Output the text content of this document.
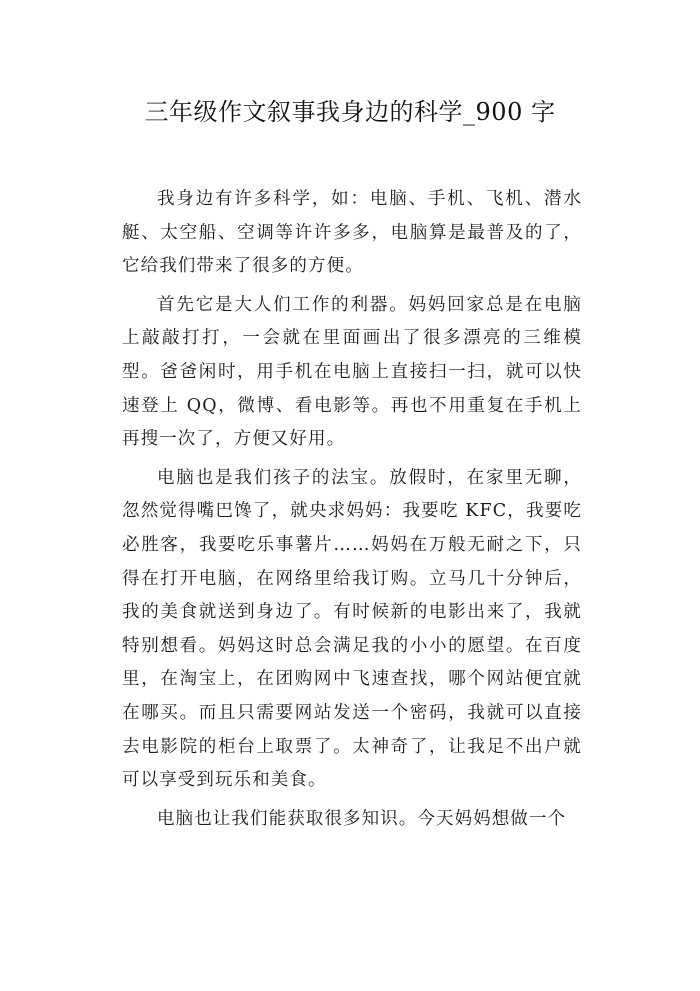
三年级作文叙事我身边的科学_900 字

我身边有许多科学，如：电脑、手机、飞机、潜水艇、太空船、空调等许许多多，电脑算是最普及的了，它给我们带来了很多的方便。

首先它是大人们工作的利器。妈妈回家总是在电脑上敲敲打打，一会就在里面画出了很多漂亮的三维模型。爸爸闲时，用手机在电脑上直接扫一扫，就可以快速登上 QQ，微博、看电影等。再也不用重复在手机上再搜一次了，方便又好用。

电脑也是我们孩子的法宝。放假时，在家里无聊，忽然觉得嘴巴馋了，就央求妈妈：我要吃 KFC，我要吃必胜客，我要吃乐事薯片……妈妈在万般无耐之下，只得在打开电脑，在网络里给我订购。立马几十分钟后，我的美食就送到身边了。有时候新的电影出来了，我就特别想看。妈妈这时总会满足我的小小的愿望。在百度里，在淘宝上，在团购网中飞速查找，哪个网站便宜就在哪买。而且只需要网站发送一个密码，我就可以直接去电影院的柜台上取票了。太神奇了，让我足不出户就可以享受到玩乐和美食。

电脑也让我们能获取很多知识。今天妈妈想做一个
